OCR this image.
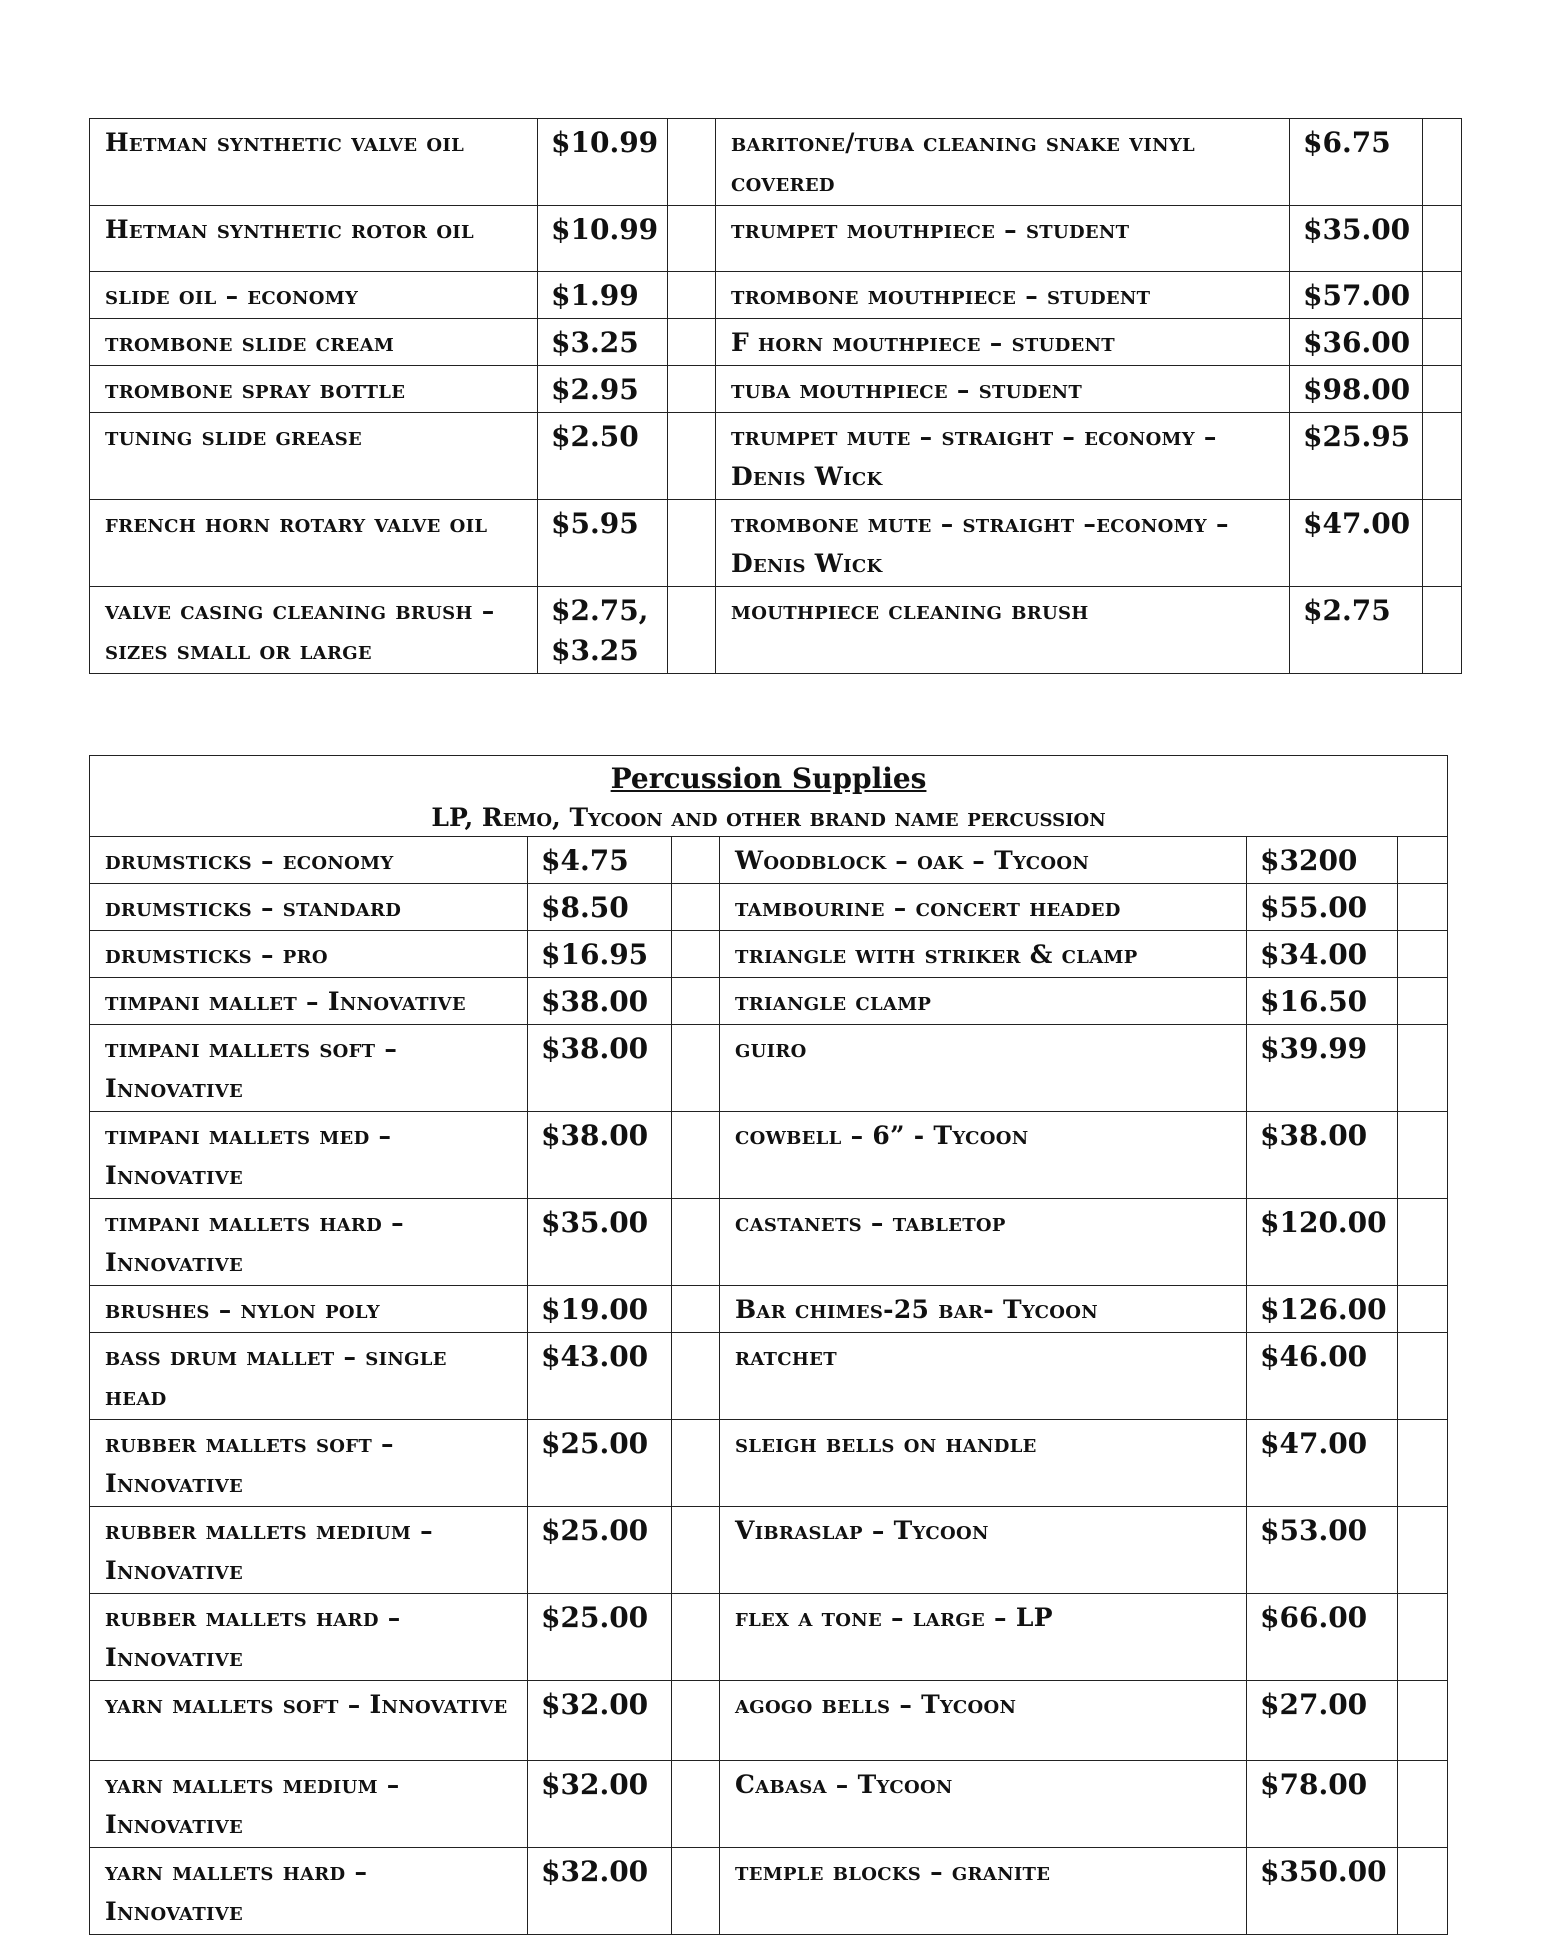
Hetman synthetic valve oil	$10.99		baritone/tuba cleaning snake vinyl covered	$6.75	
Hetman synthetic rotor oil	$10.99		trumpet mouthpiece – student	$35.00	
slide oil – economy	$1.99		trombone mouthpiece – student	$57.00	
trombone slide cream	$3.25		F horn mouthpiece – student	$36.00	
trombone spray bottle	$2.95		tuba mouthpiece – student	$98.00	
tuning slide grease	$2.50		trumpet mute – straight – economy – Denis Wick	$25.95	
french horn rotary valve oil	$5.95		trombone mute – straight –economy – Denis Wick	$47.00	
valve casing cleaning brush – sizes small or large	$2.75, $3.25		mouthpiece cleaning brush	$2.75	
Percussion Supplies
LP, Remo, Tycoon and other brand name percussion					

drumsticks – economy	$4.75		Woodblock – oak – Tycoon	$3200	
drumsticks – standard	$8.50		tambourine – concert headed	$55.00	
drumsticks – pro	$16.95		triangle with striker & clamp	$34.00	
timpani mallet – Innovative	$38.00		triangle clamp	$16.50	
timpani mallets soft – Innovative	$38.00		guiro	$39.99	
timpani mallets med – Innovative	$38.00		cowbell – 6” - Tycoon	$38.00	
timpani mallets hard – Innovative	$35.00		castanets – tabletop	$120.00	
brushes – nylon poly	$19.00		Bar chimes-25 bar- Tycoon	$126.00	
bass drum mallet – single head	$43.00		ratchet	$46.00	
rubber mallets soft – Innovative	$25.00		sleigh bells on handle	$47.00	
rubber mallets medium – Innovative	$25.00		Vibraslap – Tycoon	$53.00	
rubber mallets hard – Innovative	$25.00		flex a tone – large – LP	$66.00	
yarn mallets soft – Innovative	$32.00		agogo bells – Tycoon	$27.00	
yarn mallets medium – Innovative	$32.00		Cabasa – Tycoon	$78.00	
yarn mallets hard – Innovative	$32.00		temple blocks – granite	$350.00	
